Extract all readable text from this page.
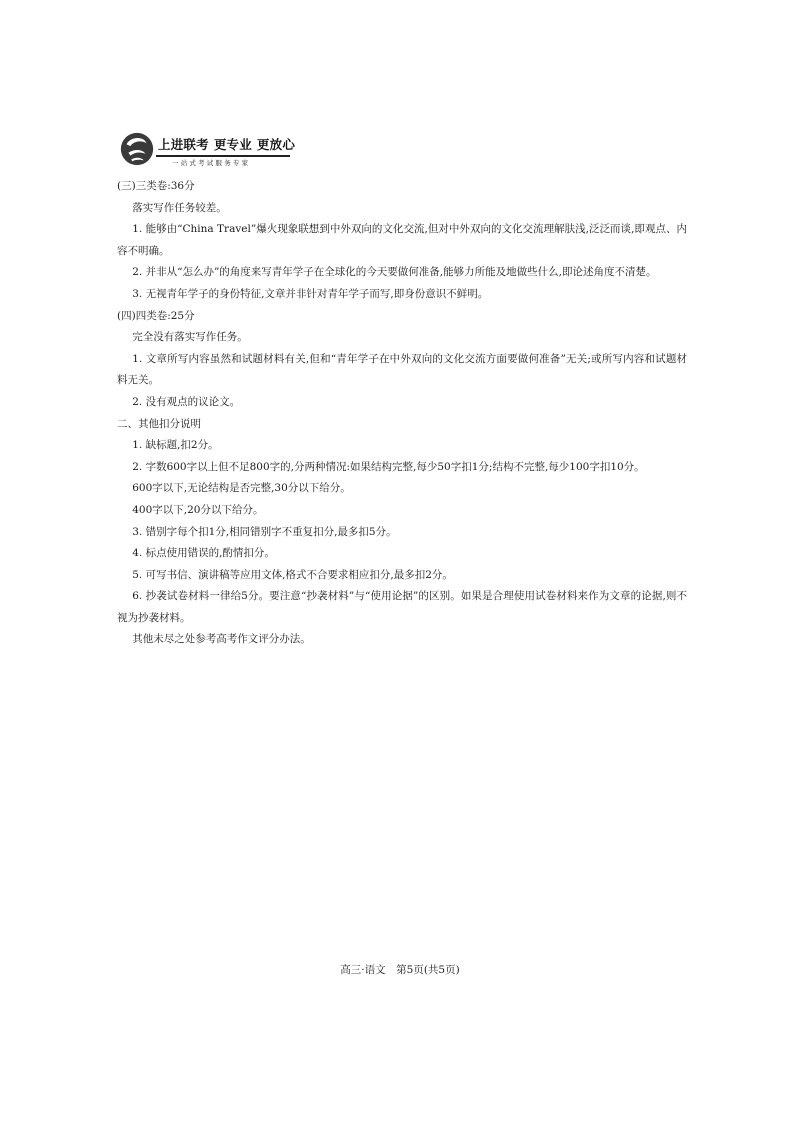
上进联考 更专业 更放心
一站式考试服务专家

(三)三类卷:36分

落实写作任务较差。

1. 能够由“China Travel”爆火现象联想到中外双向的文化交流,但对中外双向的文化交流理解肤浅,泛泛而谈,即观点、内容不明确。

2. 并非从“怎么办”的角度来写青年学子在全球化的今天要做何准备,能够力所能及地做些什么,即论述角度不清楚。

3. 无视青年学子的身份特征,文章并非针对青年学子而写,即身份意识不鲜明。

(四)四类卷:25分

完全没有落实写作任务。

1. 文章所写内容虽然和试题材料有关,但和“青年学子在中外双向的文化交流方面要做何准备”无关;或所写内容和试题材料无关。

2. 没有观点的议论文。

二、其他扣分说明

1. 缺标题,扣2分。

2. 字数600字以上但不足800字的,分两种情况:如果结构完整,每少50字扣1分;结构不完整,每少100字扣10分。

600字以下,无论结构是否完整,30分以下给分。

400字以下,20分以下给分。

3. 错别字每个扣1分,相同错别字不重复扣分,最多扣5分。

4. 标点使用错误的,酌情扣分。

5. 可写书信、演讲稿等应用文体,格式不合要求相应扣分,最多扣2分。

6. 抄袭试卷材料一律给5分。要注意“抄袭材料”与“使用论据”的区别。如果是合理使用试卷材料来作为文章的论据,则不视为抄袭材料。

其他未尽之处参考高考作文评分办法。

高三·语文　第5页(共5页)
